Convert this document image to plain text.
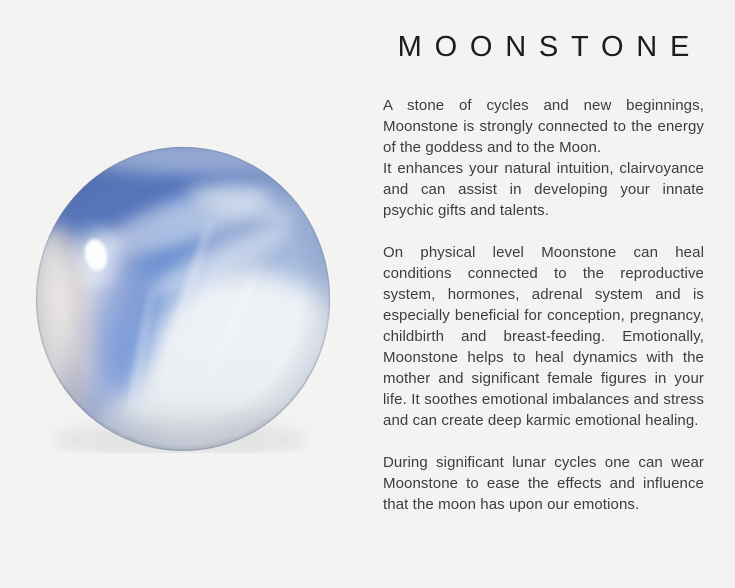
MOONSTONE

A stone of cycles and new beginnings, Moonstone is strongly connected to the energy of the goddess and to the Moon.
It enhances your natural intuition, clairvoyance and can assist in developing your innate psychic gifts and talents.

On physical level Moonstone can heal conditions connected to the reproductive system, hormones, adrenal system and is especially beneficial for conception, pregnancy, childbirth and breast-feeding. Emotionally, Moonstone helps to heal dynamics with the mother and significant female figures in your life. It soothes emotional imbalances and stress and can create deep karmic emotional healing.

During significant lunar cycles one can wear Moonstone to ease the effects and influence that the moon has upon our emotions.
